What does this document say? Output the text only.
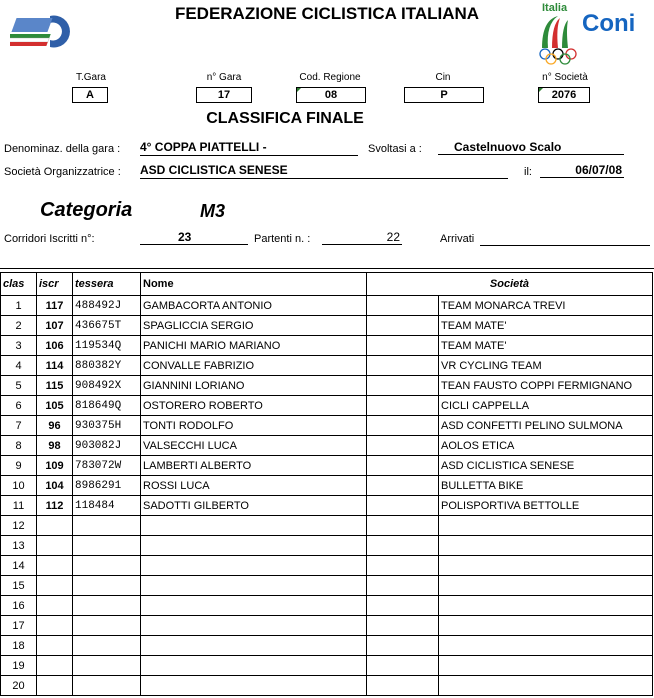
Italia
Coni
FEDERAZIONE CICLISTICA ITALIANA
T.Gara
A
n° Gara
17
Cod. Regione
08
Cin
P
n° Società
2076
CLASSIFICA FINALE
Denominaz. della gara : 4° COPPA PIATTELLI -	Svoltasi a :	Castelnuovo Scalo
Società Organizzatrice : ASD CICLISTICA SENESE	il:	06/07/08
Categoria	M3
Corridori Iscritti n°:	23	Partenti n. :	22	Arrivati
clas	iscr	tessera	Nome	Società	
1	117	488492J	GAMBACORTA ANTONIO		TEAM MONARCA TREVI
2	107	436675T	SPAGLICCIA SERGIO		TEAM MATE'
3	106	119534Q	PANICHI MARIO MARIANO		TEAM MATE'
4	114	880382Y	CONVALLE FABRIZIO		VR CYCLING TEAM
5	115	908492X	GIANNINI LORIANO		TEAN FAUSTO COPPI FERMIGNANO
6	105	818649Q	OSTORERO ROBERTO		CICLI CAPPELLA
7	96	930375H	TONTI RODOLFO		ASD CONFETTI PELINO SULMONA
8	98	903082J	VALSECCHI LUCA		AOLOS ETICA
9	109	783072W	LAMBERTI ALBERTO		ASD CICLISTICA SENESE
10	104	8986291	ROSSI LUCA		BULLETTA BIKE
11	112	118484	SADOTTI GILBERTO		POLISPORTIVA BETTOLLE
12					
13					
14					
15					
16					
17					
18					
19					
20					
